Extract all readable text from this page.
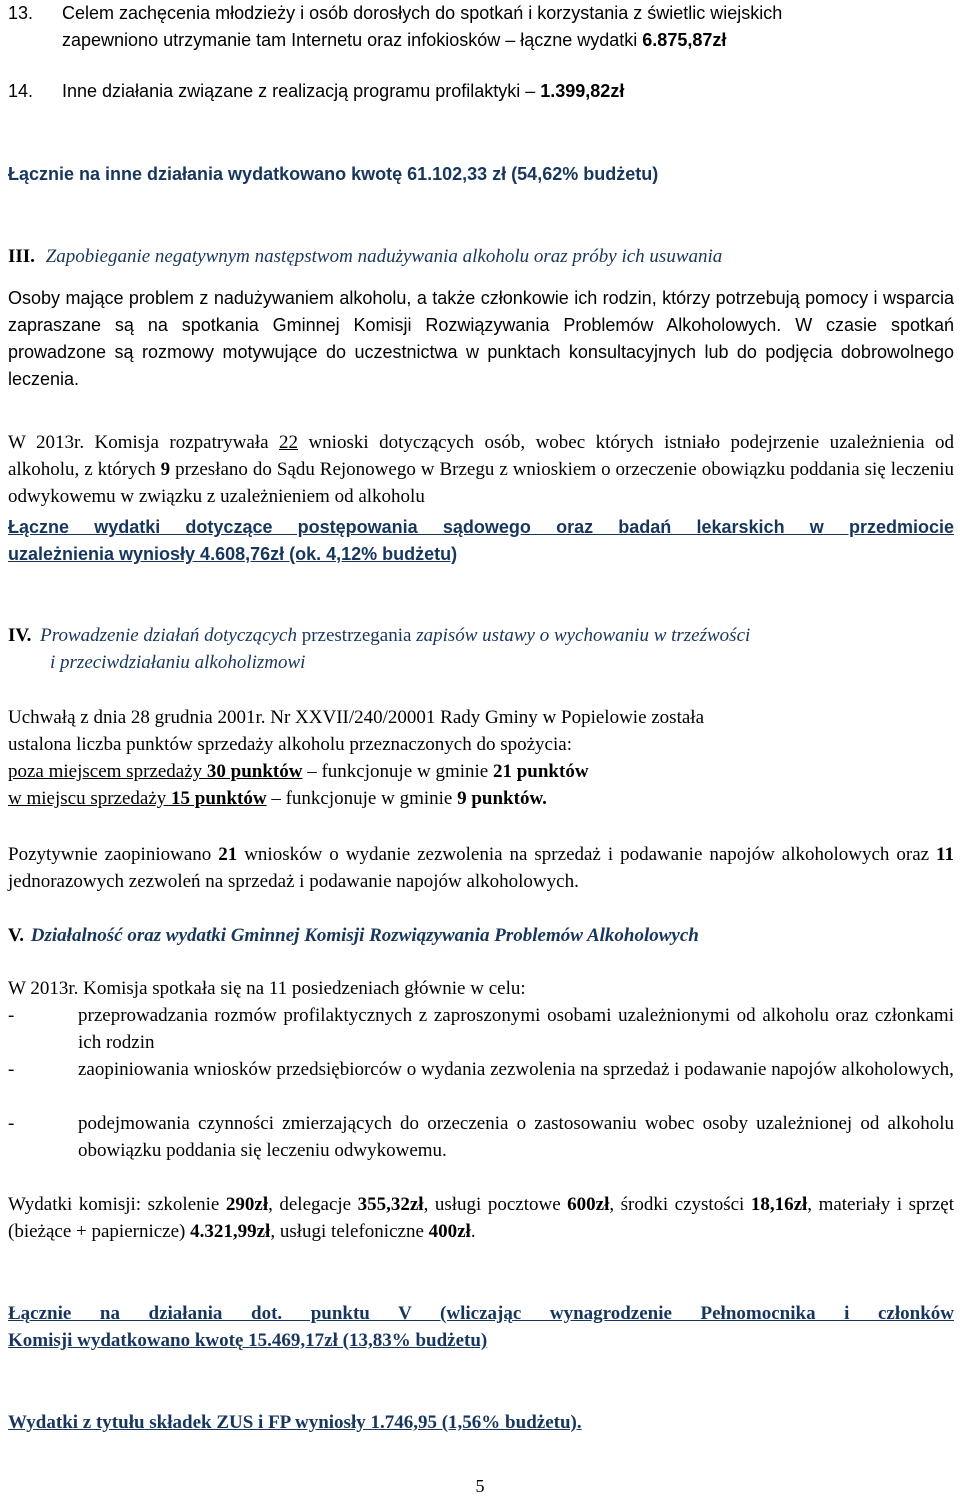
13. Celem zachęcenia młodzieży i osób dorosłych do spotkań i korzystania z świetlic wiejskich
zapewniono utrzymanie tam Internetu oraz infokiosków – łączne wydatki 6.875,87zł
14. Inne działania związane z realizacją programu profilaktyki – 1.399,82zł
Łącznie na inne działania wydatkowano kwotę 61.102,33 zł (54,62% budżetu)
III. Zapobieganie negatywnym następstwom nadużywania alkoholu oraz próby ich usuwania
Osoby mające problem z nadużywaniem alkoholu, a także członkowie ich rodzin, którzy potrzebują pomocy i wsparcia zapraszane są na spotkania Gminnej Komisji Rozwiązywania Problemów Alkoholowych. W czasie spotkań prowadzone są rozmowy motywujące do uczestnictwa w punktach konsultacyjnych lub do podjęcia dobrowolnego leczenia.
W 2013r. Komisja rozpatrywała 22 wnioski dotyczących osób, wobec których istniało podejrzenie uzależnienia od alkoholu, z których 9 przesłano do Sądu Rejonowego w Brzegu z wnioskiem o orzeczenie obowiązku poddania się leczeniu odwykowemu w związku z uzależnieniem od alkoholu
Łączne wydatki dotyczące postępowania sądowego oraz badań lekarskich w przedmiocie
uzależnienia wyniosły 4.608,76zł (ok. 4,12% budżetu)
IV. Prowadzenie działań dotyczących przestrzegania zapisów ustawy o wychowaniu w trzeźwości
i przeciwdziałaniu alkoholizmowi
Uchwałą z dnia 28 grudnia 2001r. Nr XXVII/240/20001 Rady Gminy w Popielowie została
ustalona liczba punktów sprzedaży alkoholu przeznaczonych do spożycia:
poza miejscem sprzedaży 30 punktów – funkcjonuje w gminie 21 punktów
w miejscu sprzedaży 15 punktów – funkcjonuje w gminie 9 punktów.
Pozytywnie zaopiniowano 21 wniosków o wydanie zezwolenia na sprzedaż i podawanie napojów alkoholowych oraz 11 jednorazowych zezwoleń na sprzedaż i podawanie napojów alkoholowych.
V. Działalność oraz wydatki Gminnej Komisji Rozwiązywania Problemów Alkoholowych
W 2013r. Komisja spotkała się na 11 posiedzeniach głównie w celu:
-	przeprowadzania rozmów profilaktycznych z zaproszonymi osobami uzależnionymi od alkoholu oraz członkami ich rodzin
-	zaopiniowania wniosków przedsiębiorców o wydania zezwolenia na sprzedaż i podawanie napojów alkoholowych,
-	podejmowania czynności zmierzających do orzeczenia o zastosowaniu wobec osoby uzależnionej od alkoholu obowiązku poddania się leczeniu odwykowemu.
Wydatki komisji: szkolenie 290zł, delegacje 355,32zł, usługi pocztowe 600zł, środki czystości 18,16zł, materiały i sprzęt (bieżące + papiernicze) 4.321,99zł, usługi telefoniczne 400zł.
Łącznie na działania dot. punktu V (wliczając wynagrodzenie Pełnomocnika i członków
Komisji wydatkowano kwotę 15.469,17zł (13,83% budżetu)
Wydatki z tytułu składek ZUS i FP wyniosły 1.746,95 (1,56% budżetu).
5
